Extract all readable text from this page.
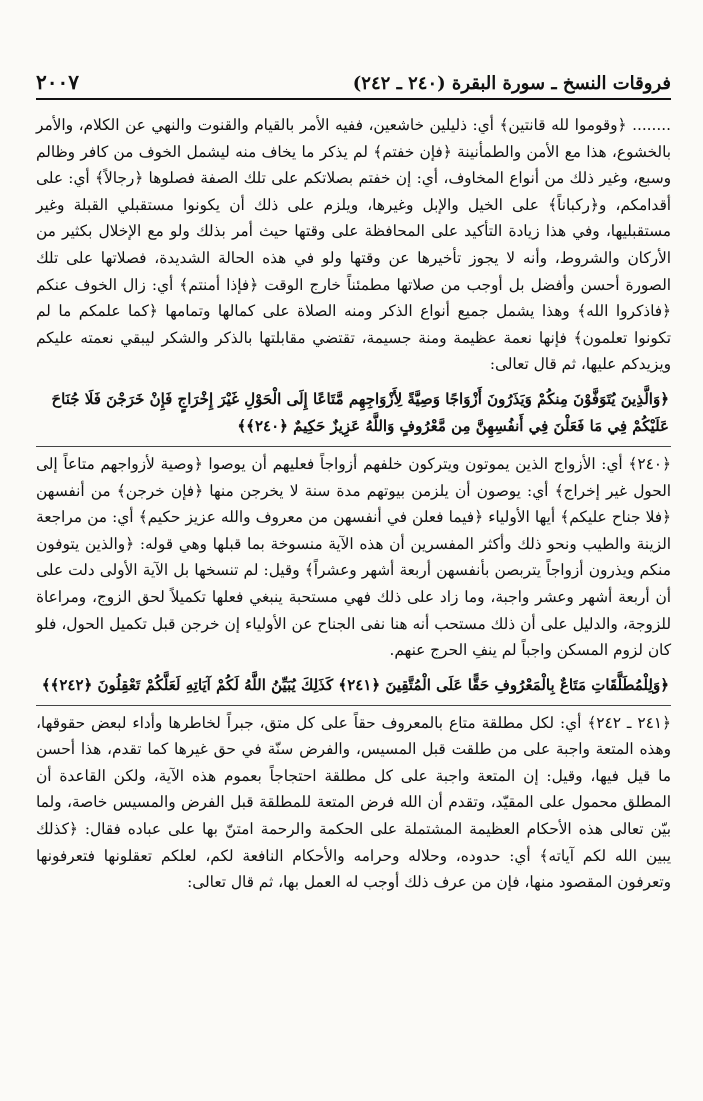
فروقات النسخ ـ سورة البقرة (٢٤٠ ـ ٢٤٢)
٢٠٠٧

........ ﴿وقوموا لله قانتين﴾ أي: ذليلين خاشعين، ففيه الأمر بالقيام والقنوت والنهي عن الكلام، والأمر بالخشوع، هذا مع الأمن والطمأنينة ﴿فإن خفتم﴾ لم يذكر ما يخاف منه ليشمل الخوف من كافر وظالم وسبع، وغير ذلك من أنواع المخاوف، أي: إن خفتم بصلاتكم على تلك الصفة فصلوها ﴿رجالاً﴾ أي: على أقدامكم، و﴿ركباناً﴾ على الخيل والإبل وغيرها، ويلزم على ذلك أن يكونوا مستقبلي القبلة وغير مستقبليها، وفي هذا زيادة التأكيد على المحافظة على وقتها حيث أمر بذلك ولو مع الإخلال بكثير من الأركان والشروط، وأنه لا يجوز تأخيرها عن وقتها ولو في هذه الحالة الشديدة، فصلاتها على تلك الصورة أحسن وأفضل بل أوجب من صلاتها مطمئناً خارج الوقت ﴿فإذا أمنتم﴾ أي: زال الخوف عنكم ﴿فاذكروا الله﴾ وهذا يشمل جميع أنواع الذكر ومنه الصلاة على كمالها وتمامها ﴿كما علمكم ما لم تكونوا تعلمون﴾ فإنها نعمة عظيمة ومنة جسيمة، تقتضي مقابلتها بالذكر والشكر ليبقي نعمته عليكم ويزيدكم عليها، ثم قال تعالى:

﴿وَالَّذِينَ يُتَوَفَّوْنَ مِنكُمْ وَيَذَرُونَ أَزْوَاجًا وَصِيَّةً لِأَزْوَاجِهِم مَّتَاعًا إِلَى الْحَوْلِ غَيْرَ إِخْرَاجٍ فَإِنْ خَرَجْنَ فَلَا جُنَاحَ عَلَيْكُمْ فِي مَا فَعَلْنَ فِي أَنفُسِهِنَّ مِن مَّعْرُوفٍ وَاللَّهُ عَزِيزٌ حَكِيمٌ ﴿٢٤٠﴾﴾

﴿٢٤٠﴾ أي: الأزواج الذين يموتون ويتركون خلفهم أزواجاً فعليهم أن يوصوا ﴿وصية لأزواجهم متاعاً إلى الحول غير إخراج﴾ أي: يوصون أن يلزمن بيوتهم مدة سنة لا يخرجن منها ﴿فإن خرجن﴾ من أنفسهن ﴿فلا جناح عليكم﴾ أيها الأولياء ﴿فيما فعلن في أنفسهن من معروف والله عزيز حكيم﴾ أي: من مراجعة الزينة والطيب ونحو ذلك وأكثر المفسرين أن هذه الآية منسوخة بما قبلها وهي قوله: ﴿والذين يتوفون منكم ويذرون أزواجاً يتربصن بأنفسهن أربعة أشهر وعشراً﴾ وقيل: لم تنسخها بل الآية الأولى دلت على أن أربعة أشهر وعشر واجبة، وما زاد على ذلك فهي مستحبة ينبغي فعلها تكميلاً لحق الزوج، ومراعاة للزوجة، والدليل على أن ذلك مستحب أنه هنا نفى الجناح عن الأولياء إن خرجن قبل تكميل الحول، فلو كان لزوم المسكن واجباً لم ينفِ الحرج عنهم.

﴿وَلِلْمُطَلَّقَاتِ مَتَاعٌ بِالْمَعْرُوفِ حَقًّا عَلَى الْمُتَّقِينَ ﴿٢٤١﴾ كَذَلِكَ يُبَيِّنُ اللَّهُ لَكُمْ آيَاتِهِ لَعَلَّكُمْ تَعْقِلُونَ ﴿٢٤٢﴾﴾

﴿٢٤١ ـ ٢٤٢﴾ أي: لكل مطلقة متاع بالمعروف حقاً على كل متق، جبراً لخاطرها وأداء لبعض حقوقها، وهذه المتعة واجبة على من طلقت قبل المسيس، والفرض سنّة في حق غيرها كما تقدم، هذا أحسن ما قيل فيها، وقيل: إن المتعة واجبة على كل مطلقة احتجاجاً بعموم هذه الآية، ولكن القاعدة أن المطلق محمول على المقيّد، وتقدم أن الله فرض المتعة للمطلقة قبل الفرض والمسيس خاصة، ولما بيّن تعالى هذه الأحكام العظيمة المشتملة على الحكمة والرحمة امتنّ بها على عباده فقال: ﴿كذلك يبين الله لكم آياته﴾ أي: حدوده، وحلاله وحرامه والأحكام النافعة لكم، لعلكم تعقلونها فتعرفونها وتعرفون المقصود منها، فإن من عرف ذلك أوجب له العمل بها، ثم قال تعالى:
